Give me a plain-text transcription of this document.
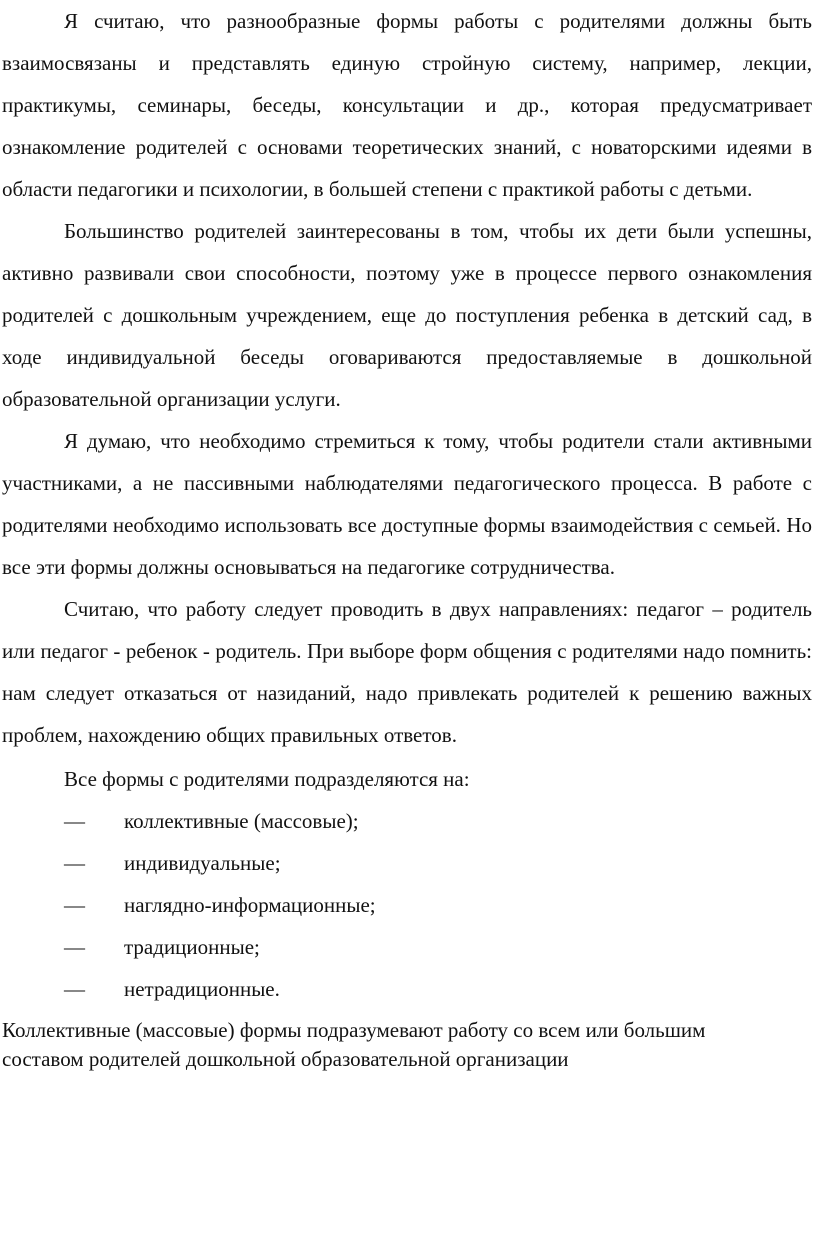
Я считаю, что разнообразные формы работы с родителями должны быть взаимосвязаны и представлять единую стройную систему, например, лекции, практикумы, семинары, беседы, консультации и др., которая предусматривает ознакомление родителей с основами теоретических знаний, с новаторскими идеями в области педагогики и психологии, в большей степени с практикой работы с детьми.

Большинство родителей заинтересованы в том, чтобы их дети были успешны, активно развивали свои способности, поэтому уже в процессе первого ознакомления родителей с дошкольным учреждением, еще до поступления ребенка в детский сад, в ходе индивидуальной беседы оговариваются предоставляемые в дошкольной образовательной организации услуги.

Я думаю, что необходимо стремиться к тому, чтобы родители стали активными участниками, а не пассивными наблюдателями педагогического процесса. В работе с родителями необходимо использовать все доступные формы взаимодействия с семьей. Но все эти формы должны основываться на педагогике сотрудничества.

Считаю, что работу следует проводить в двух направлениях: педагог – родитель или педагог - ребенок - родитель. При выборе форм общения с родителями надо помнить: нам следует отказаться от назиданий, надо привлекать родителей к решению важных проблем, нахождению общих правильных ответов.

Все формы с родителями подразделяются на:

—	коллективные (массовые);
—	индивидуальные;
—	наглядно-информационные;
—	традиционные;
—	нетрадиционные.

Коллективные (массовые) формы подразумевают работу со всем или большим составом родителей дошкольной образовательной организации
